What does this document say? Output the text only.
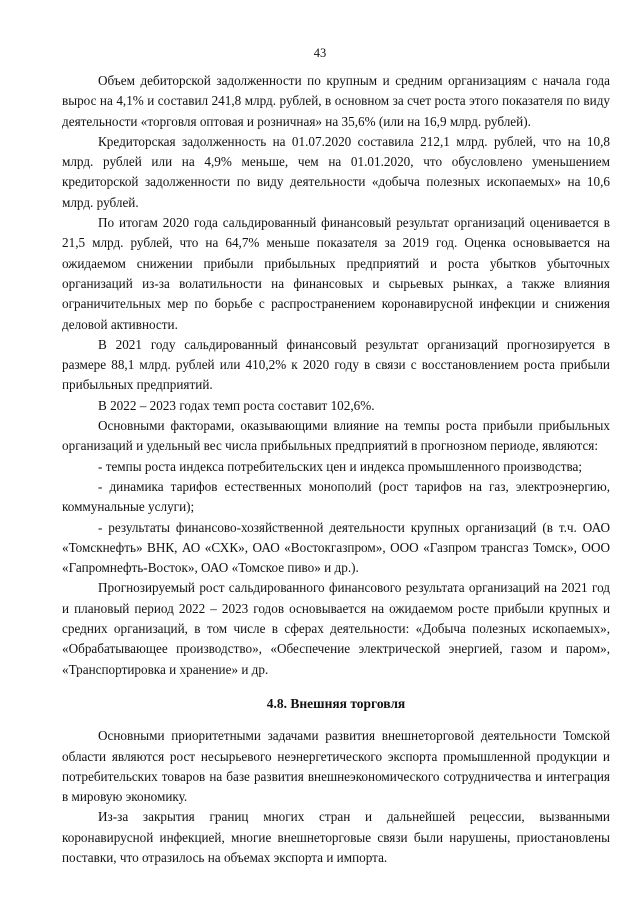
43

Объем дебиторской задолженности по крупным и средним организациям с начала года вырос на 4,1% и составил 241,8 млрд. рублей, в основном за счет роста этого показателя по виду деятельности «торговля оптовая и розничная» на 35,6% (или на 16,9 млрд. рублей).

Кредиторская задолженность на 01.07.2020 составила 212,1 млрд. рублей, что на 10,8 млрд. рублей или на 4,9% меньше, чем на 01.01.2020, что обусловлено уменьшением кредиторской задолженности по виду деятельности «добыча полезных ископаемых» на 10,6 млрд. рублей.

По итогам 2020 года сальдированный финансовый результат организаций оценивается в 21,5 млрд. рублей, что на 64,7% меньше показателя за 2019 год. Оценка основывается на ожидаемом снижении прибыли прибыльных предприятий и роста убытков убыточных организаций из-за волатильности на финансовых и сырьевых рынках, а также влияния ограничительных мер по борьбе с распространением коронавирусной инфекции и снижения деловой активности.

В 2021 году сальдированный финансовый результат организаций прогнозируется в размере 88,1 млрд. рублей или 410,2% к 2020 году в связи с восстановлением роста прибыли прибыльных предприятий.

В 2022 – 2023 годах темп роста составит 102,6%.

Основными факторами, оказывающими влияние на темпы роста прибыли прибыльных организаций и удельный вес числа прибыльных предприятий в прогнозном периоде, являются:

- темпы роста индекса потребительских цен и индекса промышленного производства;

- динамика тарифов естественных монополий (рост тарифов на газ, электроэнергию, коммунальные услуги);

- результаты финансово-хозяйственной деятельности крупных организаций (в т.ч. ОАО «Томскнефть» ВНК, АО «СХК», ОАО «Востокгазпром», ООО «Газпром трансгаз Томск», ООО «Гапромнефть-Восток», ОАО «Томское пиво» и др.).

Прогнозируемый рост сальдированного финансового результата организаций на 2021 год и плановый период 2022 – 2023 годов основывается на ожидаемом росте прибыли крупных и средних организаций, в том числе в сферах деятельности: «Добыча полезных ископаемых», «Обрабатывающее производство», «Обеспечение электрической энергией, газом и паром», «Транспортировка и хранение» и др.

4.8. Внешняя торговля

Основными приоритетными задачами развития внешнеторговой деятельности Томской области являются рост несырьевого неэнергетического экспорта промышленной продукции и потребительских товаров на базе развития внешнеэкономического сотрудничества и интеграция в мировую экономику.

Из-за закрытия границ многих стран и дальнейшей рецессии, вызванными коронавирусной инфекцией, многие внешнеторговые связи были нарушены, приостановлены поставки, что отразилось на объемах экспорта и импорта.
